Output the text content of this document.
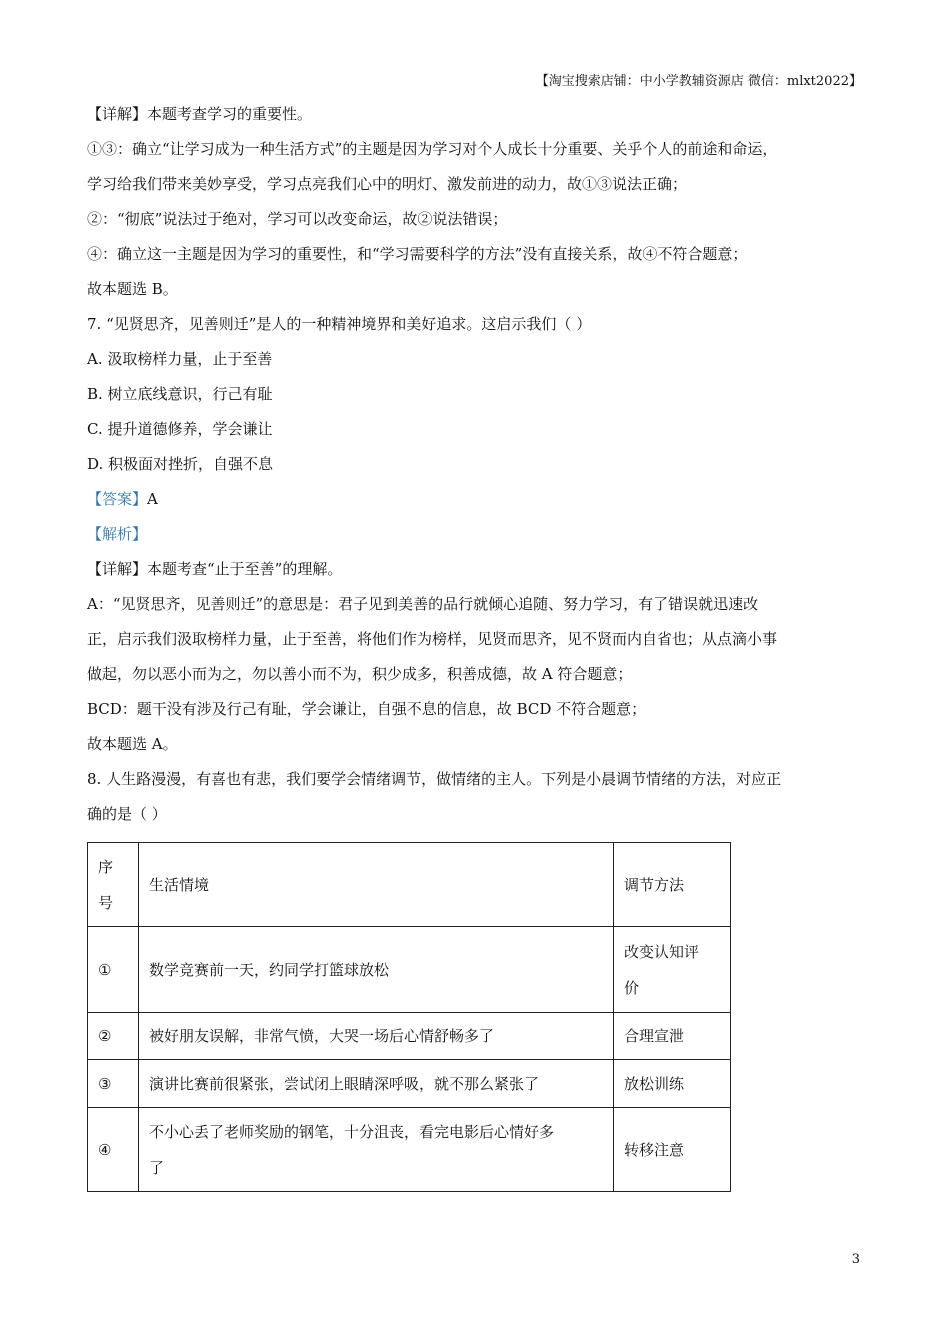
【淘宝搜索店铺：中小学教辅资源店 微信：mlxt2022】

【详解】本题考查学习的重要性。

①③：确立“让学习成为一种生活方式”的主题是因为学习对个人成长十分重要、关乎个人的前途和命运，

学习给我们带来美妙享受，学习点亮我们心中的明灯、激发前进的动力，故①③说法正确；

②：“彻底”说法过于绝对，学习可以改变命运，故②说法错误；

④：确立这一主题是因为学习的重要性，和“学习需要科学的方法”没有直接关系，故④不符合题意；

故本题选 B。

7. “见贤思齐，见善则迁”是人的一种精神境界和美好追求。这启示我们（ ）

A. 汲取榜样力量，止于至善

B. 树立底线意识，行己有耻

C. 提升道德修养，学会谦让

D. 积极面对挫折，自强不息

【答案】A

【解析】

【详解】本题考查“止于至善”的理解。

A：“见贤思齐，见善则迁”的意思是：君子见到美善的品行就倾心追随、努力学习，有了错误就迅速改

正，启示我们汲取榜样力量，止于至善，将他们作为榜样，见贤而思齐，见不贤而内自省也；从点滴小事

做起，勿以恶小而为之，勿以善小而不为，积少成多，积善成德，故 A 符合题意；

BCD：题干没有涉及行己有耻，学会谦让，自强不息的信息，故 BCD 不符合题意；

故本题选 A。

8. 人生路漫漫，有喜也有悲，我们要学会情绪调节，做情绪的主人。下列是小晨调节情绪的方法，对应正

确的是（ ）

序
号	生活情境	调节方法
①	数学竞赛前一天，约同学打篮球放松	改变认知评
价

②	被好朋友误解，非常气愤，大哭一场后心情舒畅多了	合理宣泄
③	演讲比赛前很紧张，尝试闭上眼睛深呼吸，就不那么紧张了	放松训练
④	不小心丢了老师奖励的钢笔，十分沮丧，看完电影后心情好多
了	转移注意
3
